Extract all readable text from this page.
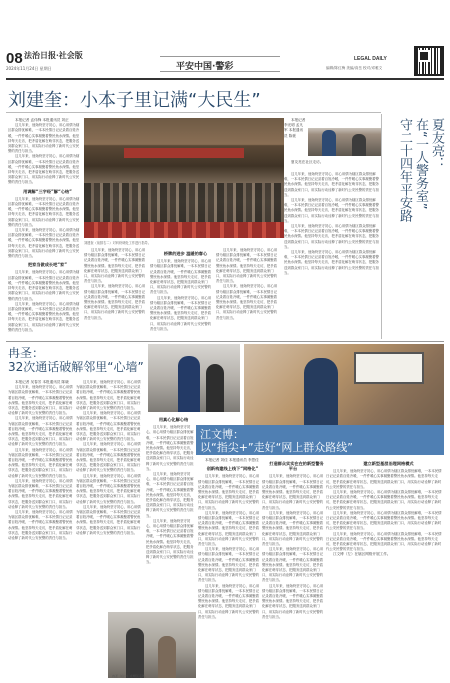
08 法治日报·社会版
2024年11月24日 星期日	平安中国·警彩
LEGAL DAILY
编辑/陈红梅 美编/高岳 校对/邓雅文
刘建奎：小本子里记满“大民生”

本报记者 孟伟锋 本报通讯员 刘正

这几年来，他始终坚守初心，用心用情为辖区群众排忧解难，一本本民情日记记录着百姓冷暖，一件件暖心实事凝聚着警民鱼水深情。他坚持每天走访，把矛盾化解在萌芽状态，把服务送到群众家门口，用实际行动诠释了新时代公安民警的责任与担当。

这几年来，他始终坚守初心，用心用情为辖区群众排忧解难，一本本民情日记记录着百姓冷暖，一件件暖心实事凝聚着警民鱼水深情。他坚持每天走访，把矛盾化解在萌芽状态，把服务送到群众家门口，用实际行动诠释了新时代公安民警的责任与担当。

用调解“三字经”解“心结”

这几年来，他始终坚守初心，用心用情为辖区群众排忧解难，一本本民情日记记录着百姓冷暖，一件件暖心实事凝聚着警民鱼水深情。他坚持每天走访，把矛盾化解在萌芽状态，把服务送到群众家门口，用实际行动诠释了新时代公安民警的责任与担当。

这几年来，他始终坚守初心，用心用情为辖区群众排忧解难，一本本民情日记记录着百姓冷暖，一件件暖心实事凝聚着警民鱼水深情。他坚持每天走访，把矛盾化解在萌芽状态，把服务送到群众家门口，用实际行动诠释了新时代公安民警的责任与担当。

把家当做成长吧“家”

这几年来，他始终坚守初心，用心用情为辖区群众排忧解难，一本本民情日记记录着百姓冷暖，一件件暖心实事凝聚着警民鱼水深情。他坚持每天走访，把矛盾化解在萌芽状态，把服务送到群众家门口，用实际行动诠释了新时代公安民警的责任与担当。

这几年来，他始终坚守初心，用心用情为辖区群众排忧解难，一本本民情日记记录着百姓冷暖，一件件暖心实事凝聚着警民鱼水深情。他坚持每天走访，把矛盾化解在萌芽状态，把服务送到群众家门口，用实际行动诠释了新时代公安民警的责任与担当。

刘建奎（前排右二）对纠纷调处工作进行指导。

这几年来，他始终坚守初心，用心用情为辖区群众排忧解难，一本本民情日记记录着百姓冷暖，一件件暖心实事凝聚着警民鱼水深情。他坚持每天走访，把矛盾化解在萌芽状态，把服务送到群众家门口，用实际行动诠释了新时代公安民警的责任与担当。

这几年来，他始终坚守初心，用心用情为辖区群众排忧解难，一本本民情日记记录着百姓冷暖，一件件暖心实事凝聚着警民鱼水深情。他坚持每天走访，把矛盾化解在萌芽状态，把服务送到群众家门口，用实际行动诠释了新时代公安民警的责任与担当。

桥牌的进步 温暖的春心

这几年来，他始终坚守初心，用心用情为辖区群众排忧解难，一本本民情日记记录着百姓冷暖，一件件暖心实事凝聚着警民鱼水深情。他坚持每天走访，把矛盾化解在萌芽状态，把服务送到群众家门口，用实际行动诠释了新时代公安民警的责任与担当。

这几年来，他始终坚守初心，用心用情为辖区群众排忧解难，一本本民情日记记录着百姓冷暖，一件件暖心实事凝聚着警民鱼水深情。他坚持每天走访，把矛盾化解在萌芽状态，把服务送到群众家门口，用实际行动诠释了新时代公安民警的责任与担当。

这几年来，他始终坚守初心，用心用情为辖区群众排忧解难，一本本民情日记记录着百姓冷暖，一件件暖心实事凝聚着警民鱼水深情。他坚持每天走访，把矛盾化解在萌芽状态，把服务送到群众家门口，用实际行动诠释了新时代公安民警的责任与担当。

这几年来，他始终坚守初心，用心用情为辖区群众排忧解难，一本本民情日记记录着百姓冷暖，一件件暖心实事凝聚着警民鱼水深情。他坚持每天走访，把矛盾化解在萌芽状态，把服务送到群众家门口，用实际行动诠释了新时代公安民警的责任与担当。

夏友亮在社区走访。

本报记者 李光明 孟凡军 本报通讯员 陈豪

这几年来，他始终坚守初心，用心用情为辖区群众排忧解难，一本本民情日记记录着百姓冷暖，一件件暖心实事凝聚着警民鱼水深情。他坚持每天走访，把矛盾化解在萌芽状态，把服务送到群众家门口，用实际行动诠释了新时代公安民警的责任与担当。

这几年来，他始终坚守初心，用心用情为辖区群众排忧解难，一本本民情日记记录着百姓冷暖，一件件暖心实事凝聚着警民鱼水深情。他坚持每天走访，把矛盾化解在萌芽状态，把服务送到群众家门口，用实际行动诠释了新时代公安民警的责任与担当。

这几年来，他始终坚守初心，用心用情为辖区群众排忧解难，一本本民情日记记录着百姓冷暖，一件件暖心实事凝聚着警民鱼水深情。他坚持每天走访，把矛盾化解在萌芽状态，把服务送到群众家门口，用实际行动诠释了新时代公安民警的责任与担当。

这几年来，他始终坚守初心，用心用情为辖区群众排忧解难，一本本民情日记记录着百姓冷暖，一件件暖心实事凝聚着警民鱼水深情。他坚持每天走访，把矛盾化解在萌芽状态，把服务送到群众家门口，用实际行动诠释了新时代公安民警的责任与担当。

夏友亮：
在“一人警务室”
守二十四年平安路
冉圣：
32次通话破解邻里“心墙”

本报记者 吴春芳 本报通讯员 陈晓

这几年来，他始终坚守初心，用心用情为辖区群众排忧解难，一本本民情日记记录着百姓冷暖，一件件暖心实事凝聚着警民鱼水深情。他坚持每天走访，把矛盾化解在萌芽状态，把服务送到群众家门口，用实际行动诠释了新时代公安民警的责任与担当。

这几年来，他始终坚守初心，用心用情为辖区群众排忧解难，一本本民情日记记录着百姓冷暖，一件件暖心实事凝聚着警民鱼水深情。他坚持每天走访，把矛盾化解在萌芽状态，把服务送到群众家门口，用实际行动诠释了新时代公安民警的责任与担当。

这几年来，他始终坚守初心，用心用情为辖区群众排忧解难，一本本民情日记记录着百姓冷暖，一件件暖心实事凝聚着警民鱼水深情。他坚持每天走访，把矛盾化解在萌芽状态，把服务送到群众家门口，用实际行动诠释了新时代公安民警的责任与担当。

这几年来，他始终坚守初心，用心用情为辖区群众排忧解难，一本本民情日记记录着百姓冷暖，一件件暖心实事凝聚着警民鱼水深情。他坚持每天走访，把矛盾化解在萌芽状态，把服务送到群众家门口，用实际行动诠释了新时代公安民警的责任与担当。

这几年来，他始终坚守初心，用心用情为辖区群众排忧解难，一本本民情日记记录着百姓冷暖，一件件暖心实事凝聚着警民鱼水深情。他坚持每天走访，把矛盾化解在萌芽状态，把服务送到群众家门口，用实际行动诠释了新时代公安民警的责任与担当。

这几年来，他始终坚守初心，用心用情为辖区群众排忧解难，一本本民情日记记录着百姓冷暖，一件件暖心实事凝聚着警民鱼水深情。他坚持每天走访，把矛盾化解在萌芽状态，把服务送到群众家门口，用实际行动诠释了新时代公安民警的责任与担当。

这几年来，他始终坚守初心，用心用情为辖区群众排忧解难，一本本民情日记记录着百姓冷暖，一件件暖心实事凝聚着警民鱼水深情。他坚持每天走访，把矛盾化解在萌芽状态，把服务送到群众家门口，用实际行动诠释了新时代公安民警的责任与担当。

这几年来，他始终坚守初心，用心用情为辖区群众排忧解难，一本本民情日记记录着百姓冷暖，一件件暖心实事凝聚着警民鱼水深情。他坚持每天走访，把矛盾化解在萌芽状态，把服务送到群众家门口，用实际行动诠释了新时代公安民警的责任与担当。

这几年来，他始终坚守初心，用心用情为辖区群众排忧解难，一本本民情日记记录着百姓冷暖，一件件暖心实事凝聚着警民鱼水深情。他坚持每天走访，把矛盾化解在萌芽状态，把服务送到群众家门口，用实际行动诠释了新时代公安民警的责任与担当。

这几年来，他始终坚守初心，用心用情为辖区群众排忧解难，一本本民情日记记录着百姓冷暖，一件件暖心实事凝聚着警民鱼水深情。他坚持每天走访，把矛盾化解在萌芽状态，把服务送到群众家门口，用实际行动诠释了新时代公安民警的责任与担当。

用真心化解心结

这几年来，他始终坚守初心，用心用情为辖区群众排忧解难，一本本民情日记记录着百姓冷暖，一件件暖心实事凝聚着警民鱼水深情。他坚持每天走访，把矛盾化解在萌芽状态，把服务送到群众家门口，用实际行动诠释了新时代公安民警的责任与担当。

这几年来，他始终坚守初心，用心用情为辖区群众排忧解难，一本本民情日记记录着百姓冷暖，一件件暖心实事凝聚着警民鱼水深情。他坚持每天走访，把矛盾化解在萌芽状态，把服务送到群众家门口，用实际行动诠释了新时代公安民警的责任与担当。

这几年来，他始终坚守初心，用心用情为辖区群众排忧解难，一本本民情日记记录着百姓冷暖，一件件暖心实事凝聚着警民鱼水深情。他坚持每天走访，把矛盾化解在萌芽状态，把服务送到群众家门口，用实际行动诠释了新时代公安民警的责任与担当。

冉圣（右一）在辖区走访。
江文博：
以“指尖+”走好“网上群众路线”

本报记者 刘佳 本报通讯员 李思佳

创新构建线上线下“网格化”

这几年来，他始终坚守初心，用心用情为辖区群众排忧解难，一本本民情日记记录着百姓冷暖，一件件暖心实事凝聚着警民鱼水深情。他坚持每天走访，把矛盾化解在萌芽状态，把服务送到群众家门口，用实际行动诠释了新时代公安民警的责任与担当。

这几年来，他始终坚守初心，用心用情为辖区群众排忧解难，一本本民情日记记录着百姓冷暖，一件件暖心实事凝聚着警民鱼水深情。他坚持每天走访，把矛盾化解在萌芽状态，把服务送到群众家门口，用实际行动诠释了新时代公安民警的责任与担当。

这几年来，他始终坚守初心，用心用情为辖区群众排忧解难，一本本民情日记记录着百姓冷暖，一件件暖心实事凝聚着警民鱼水深情。他坚持每天走访，把矛盾化解在萌芽状态，把服务送到群众家门口，用实际行动诠释了新时代公安民警的责任与担当。

这几年来，他始终坚守初心，用心用情为辖区群众排忧解难，一本本民情日记记录着百姓冷暖，一件件暖心实事凝聚着警民鱼水深情。他坚持每天走访，把矛盾化解在萌芽状态，把服务送到群众家门口，用实际行动诠释了新时代公安民警的责任与担当。

打造群众实实在在的新型警务平台

这几年来，他始终坚守初心，用心用情为辖区群众排忧解难，一本本民情日记记录着百姓冷暖，一件件暖心实事凝聚着警民鱼水深情。他坚持每天走访，把矛盾化解在萌芽状态，把服务送到群众家门口，用实际行动诠释了新时代公安民警的责任与担当。

这几年来，他始终坚守初心，用心用情为辖区群众排忧解难，一本本民情日记记录着百姓冷暖，一件件暖心实事凝聚着警民鱼水深情。他坚持每天走访，把矛盾化解在萌芽状态，把服务送到群众家门口，用实际行动诠释了新时代公安民警的责任与担当。

这几年来，他始终坚守初心，用心用情为辖区群众排忧解难，一本本民情日记记录着百姓冷暖，一件件暖心实事凝聚着警民鱼水深情。他坚持每天走访，把矛盾化解在萌芽状态，把服务送到群众家门口，用实际行动诠释了新时代公安民警的责任与担当。

这几年来，他始终坚守初心，用心用情为辖区群众排忧解难，一本本民情日记记录着百姓冷暖，一件件暖心实事凝聚着警民鱼水深情。他坚持每天走访，把矛盾化解在萌芽状态，把服务送到群众家门口，用实际行动诠释了新时代公安民警的责任与担当。

建立新型基层治理网格模式

这几年来，他始终坚守初心，用心用情为辖区群众排忧解难，一本本民情日记记录着百姓冷暖，一件件暖心实事凝聚着警民鱼水深情。他坚持每天走访，把矛盾化解在萌芽状态，把服务送到群众家门口，用实际行动诠释了新时代公安民警的责任与担当。

这几年来，他始终坚守初心，用心用情为辖区群众排忧解难，一本本民情日记记录着百姓冷暖，一件件暖心实事凝聚着警民鱼水深情。他坚持每天走访，把矛盾化解在萌芽状态，把服务送到群众家门口，用实际行动诠释了新时代公安民警的责任与担当。

这几年来，他始终坚守初心，用心用情为辖区群众排忧解难，一本本民情日记记录着百姓冷暖，一件件暖心实事凝聚着警民鱼水深情。他坚持每天走访，把矛盾化解在萌芽状态，把服务送到群众家门口，用实际行动诠释了新时代公安民警的责任与担当。

这几年来，他始终坚守初心，用心用情为辖区群众排忧解难，一本本民情日记记录着百姓冷暖，一件件暖心实事凝聚着警民鱼水深情。他坚持每天走访，把矛盾化解在萌芽状态，把服务送到群众家门口，用实际行动诠释了新时代公安民警的责任与担当。

江文博（左）在辖区网格开展工作。
